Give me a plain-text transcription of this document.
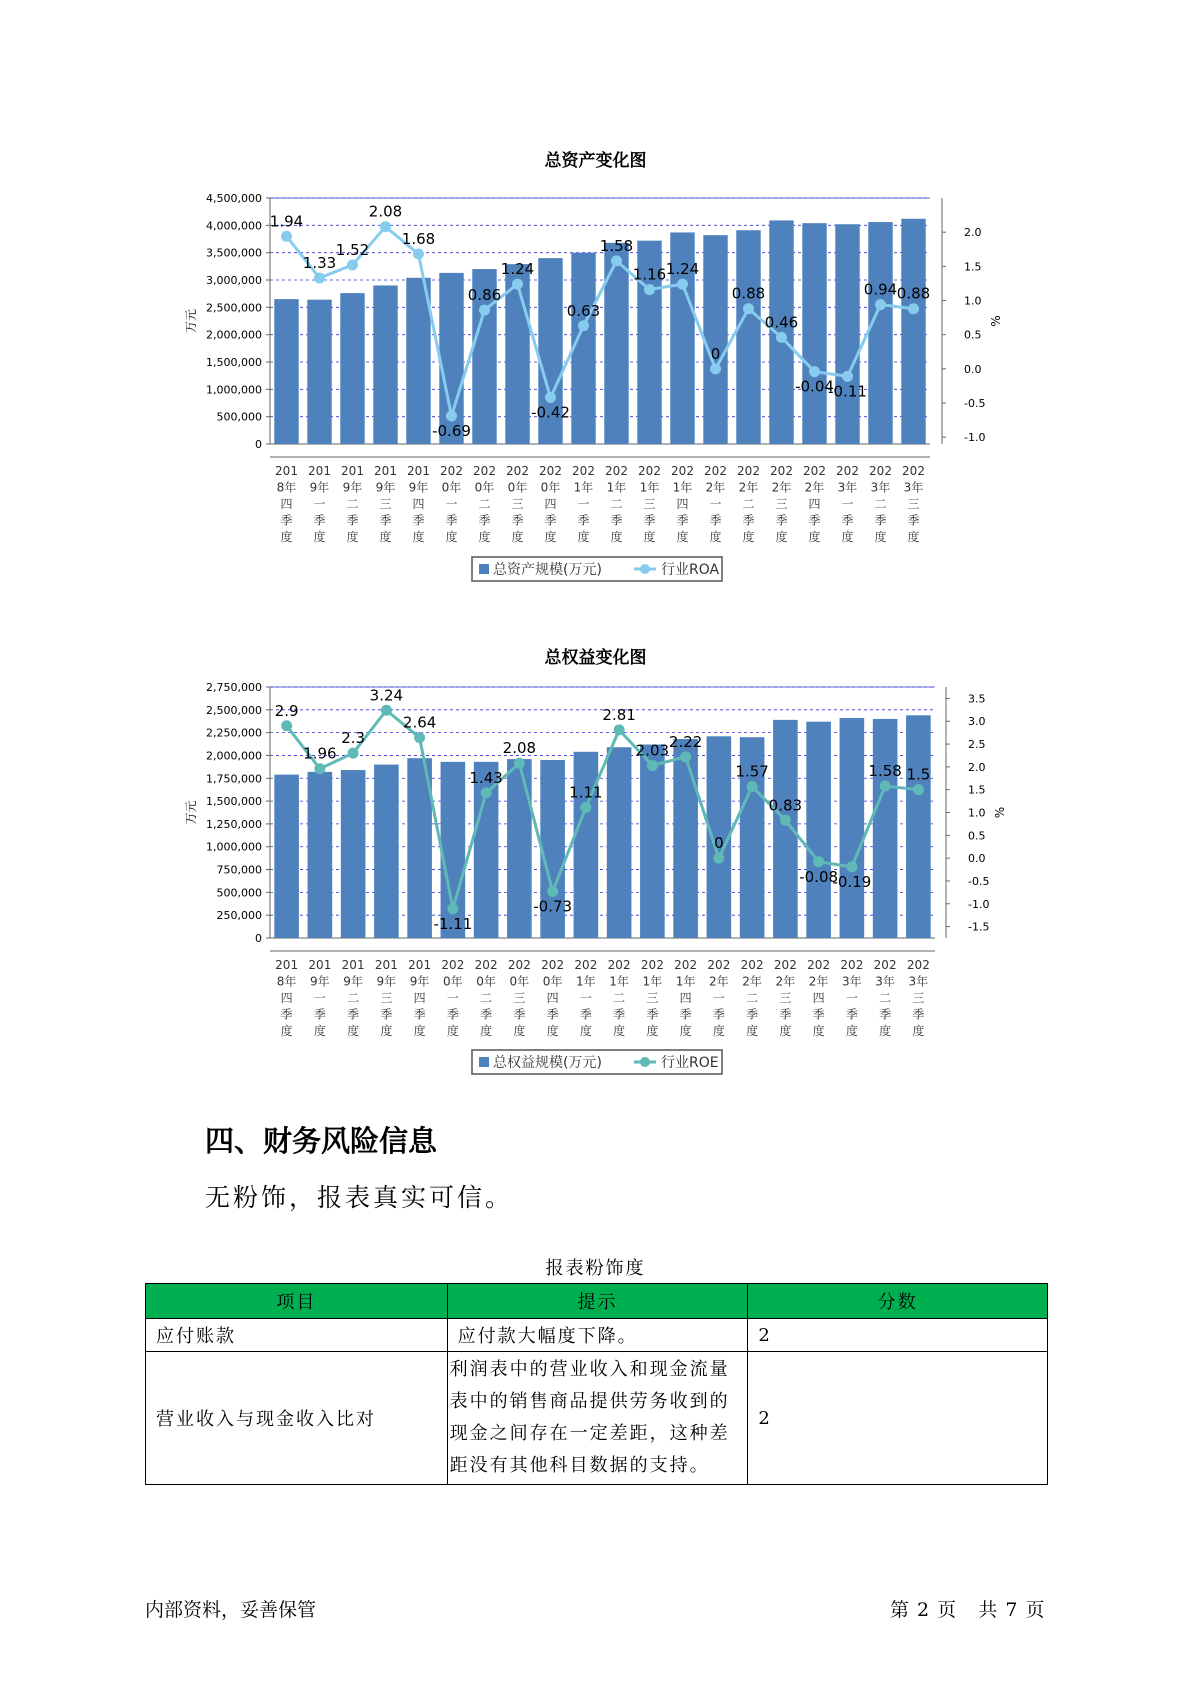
总资产变化图
0
500,000
1,000,000
1,500,000
2,000,000
2,500,000
3,000,000
3,500,000
4,000,000
4,500,000
-1.0
-0.5
0.0
0.5
1.0
1.5
2.0
万元	%
201
8年
四
季
度
201
9年
一
季
度
201
9年
二
季
度
201
9年
三
季
度
201
9年
四
季
度
202
0年
一
季
度
202
0年
二
季
度
202
0年
三
季
度
202
0年
四
季
度
202
1年
一
季
度
202
1年
二
季
度
202
1年
三
季
度
202
1年
四
季
度
202
2年
一
季
度
202
2年
二
季
度
202
2年
三
季
度
202
2年
四
季
度
202
3年
一
季
度
202
3年
二
季
度
202
3年
三
季
度
1.94
1.33
1.52
2.08
1.68
-0.69
0.86
1.24
-0.42
0.63
1.58
1.16 1.24
0
0.88
0.46
-0.04
-0.11
0.94 0.88
总资产规模(万元)	行业ROA
总权益变化图
0
250,000
500,000
750,000
1,000,000
1,250,000
1,500,000
1,750,000
2,000,000
2,250,000
2,500,000
2,750,000
-1.5
-1.0
-0.5
0.0
0.5
1.0
1.5
2.0
2.5
3.0
3.5
万元	%
201
8年
四
季
度
201
9年
一
季
度
201
9年
二
季
度
201
9年
三
季
度
201
9年
四
季
度
202
0年
一
季
度
202
0年
二
季
度
202
0年
三
季
度
202
0年
四
季
度
202
1年
一
季
度
202
1年
二
季
度
202
1年
三
季
度
202
1年
四
季
度
202
2年
一
季
度
202
2年
二
季
度
202
2年
三
季
度
202
2年
四
季
度
202
3年
一
季
度
202
3年
二
季
度
202
3年
三
季
度
2.9
1.96
2.3
3.24
2.64
-1.11
1.43
2.08
-0.73
1.11
2.81
2.03 2.22
0
1.57
0.83
-0.08
-0.19
1.58 1.5
总权益规模(万元)	行业ROE
四、财务风险信息
无粉饰，报表真实可信。
报表粉饰度
项目	提示	分数
应付账款	应付款大幅度下降。	2
营业收入与现金收入比对	利润表中的营业收入和现金流量表中的销售商品提供劳务收到的现金之间存在一定差距，这种差距没有其他科目数据的支持。	2
内部资料，妥善保管	第 2 页   共 7 页
